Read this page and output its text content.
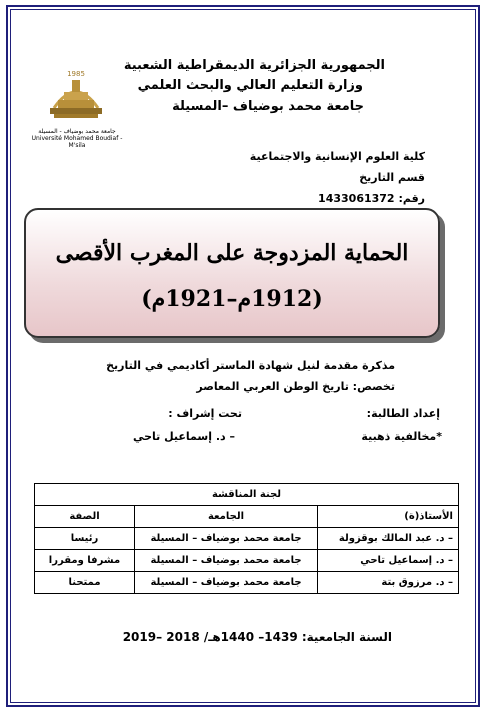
1985
جامعة محمد بوضياف - المسيلة
Université Mohamed Boudiaf - M'sila
الجمهورية الجزائرية الديمقراطية الشعبية
وزارة التعليم العالي والبحث العلمي
جامعة محمد بوضياف –المسيلة
كلية العلوم الإنسانية والاجتماعية
قسم التاريخ
رقم: 1433061372
الحماية المزدوجة على المغرب الأقصى
(1912م–1921م)
مذكرة مقدمة لنيل شهادة الماستر أكاديمي في التاريخ
تخصص: تاريخ الوطن العربي المعاصر
إعداد الطالبة:
تحت إشراف :
*مخالفية ذهبية
– د. إسماعيل تاحي
لجنة المناقشة		
الأستاذ(ة)	الجامعة	الصفة
– د. عبد المالك بوقزولة	جامعة محمد بوضياف – المسيلة	رئيسا
– د. إسماعيل تاحي	جامعة محمد بوضياف – المسيلة	مشرفا ومقررا
– د. مرزوق بتة	جامعة محمد بوضياف – المسيلة	ممتحنا
السنة الجامعية: 1439– 1440هـ/ 2018 –2019
